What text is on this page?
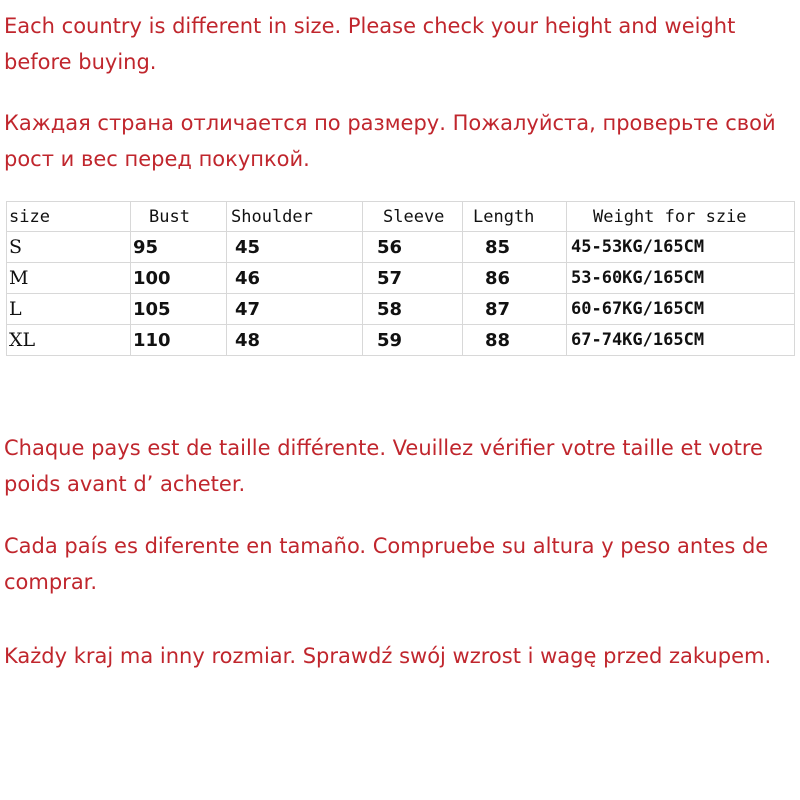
Each country is different in size. Please check your height and weight before buying.

Каждая страна отличается по размеру. Пожалуйста, проверьте свой рост и вес перед покупкой.

size	Bust	Shoulder	Sleeve	Length	Weight for szie
S	95	45	56	85	45-53KG/165CM
M	100	46	57	86	53-60KG/165CM
L	105	47	58	87	60-67KG/165CM
XL	110	48	59	88	67-74KG/165CM

Chaque pays est de taille différente. Veuillez vérifier votre taille et votre poids avant d’ acheter.

Cada país es diferente en tamaño. Compruebe su altura y peso antes de comprar.

Każdy kraj ma inny rozmiar. Sprawdź swój wzrost i wagę przed zakupem.
